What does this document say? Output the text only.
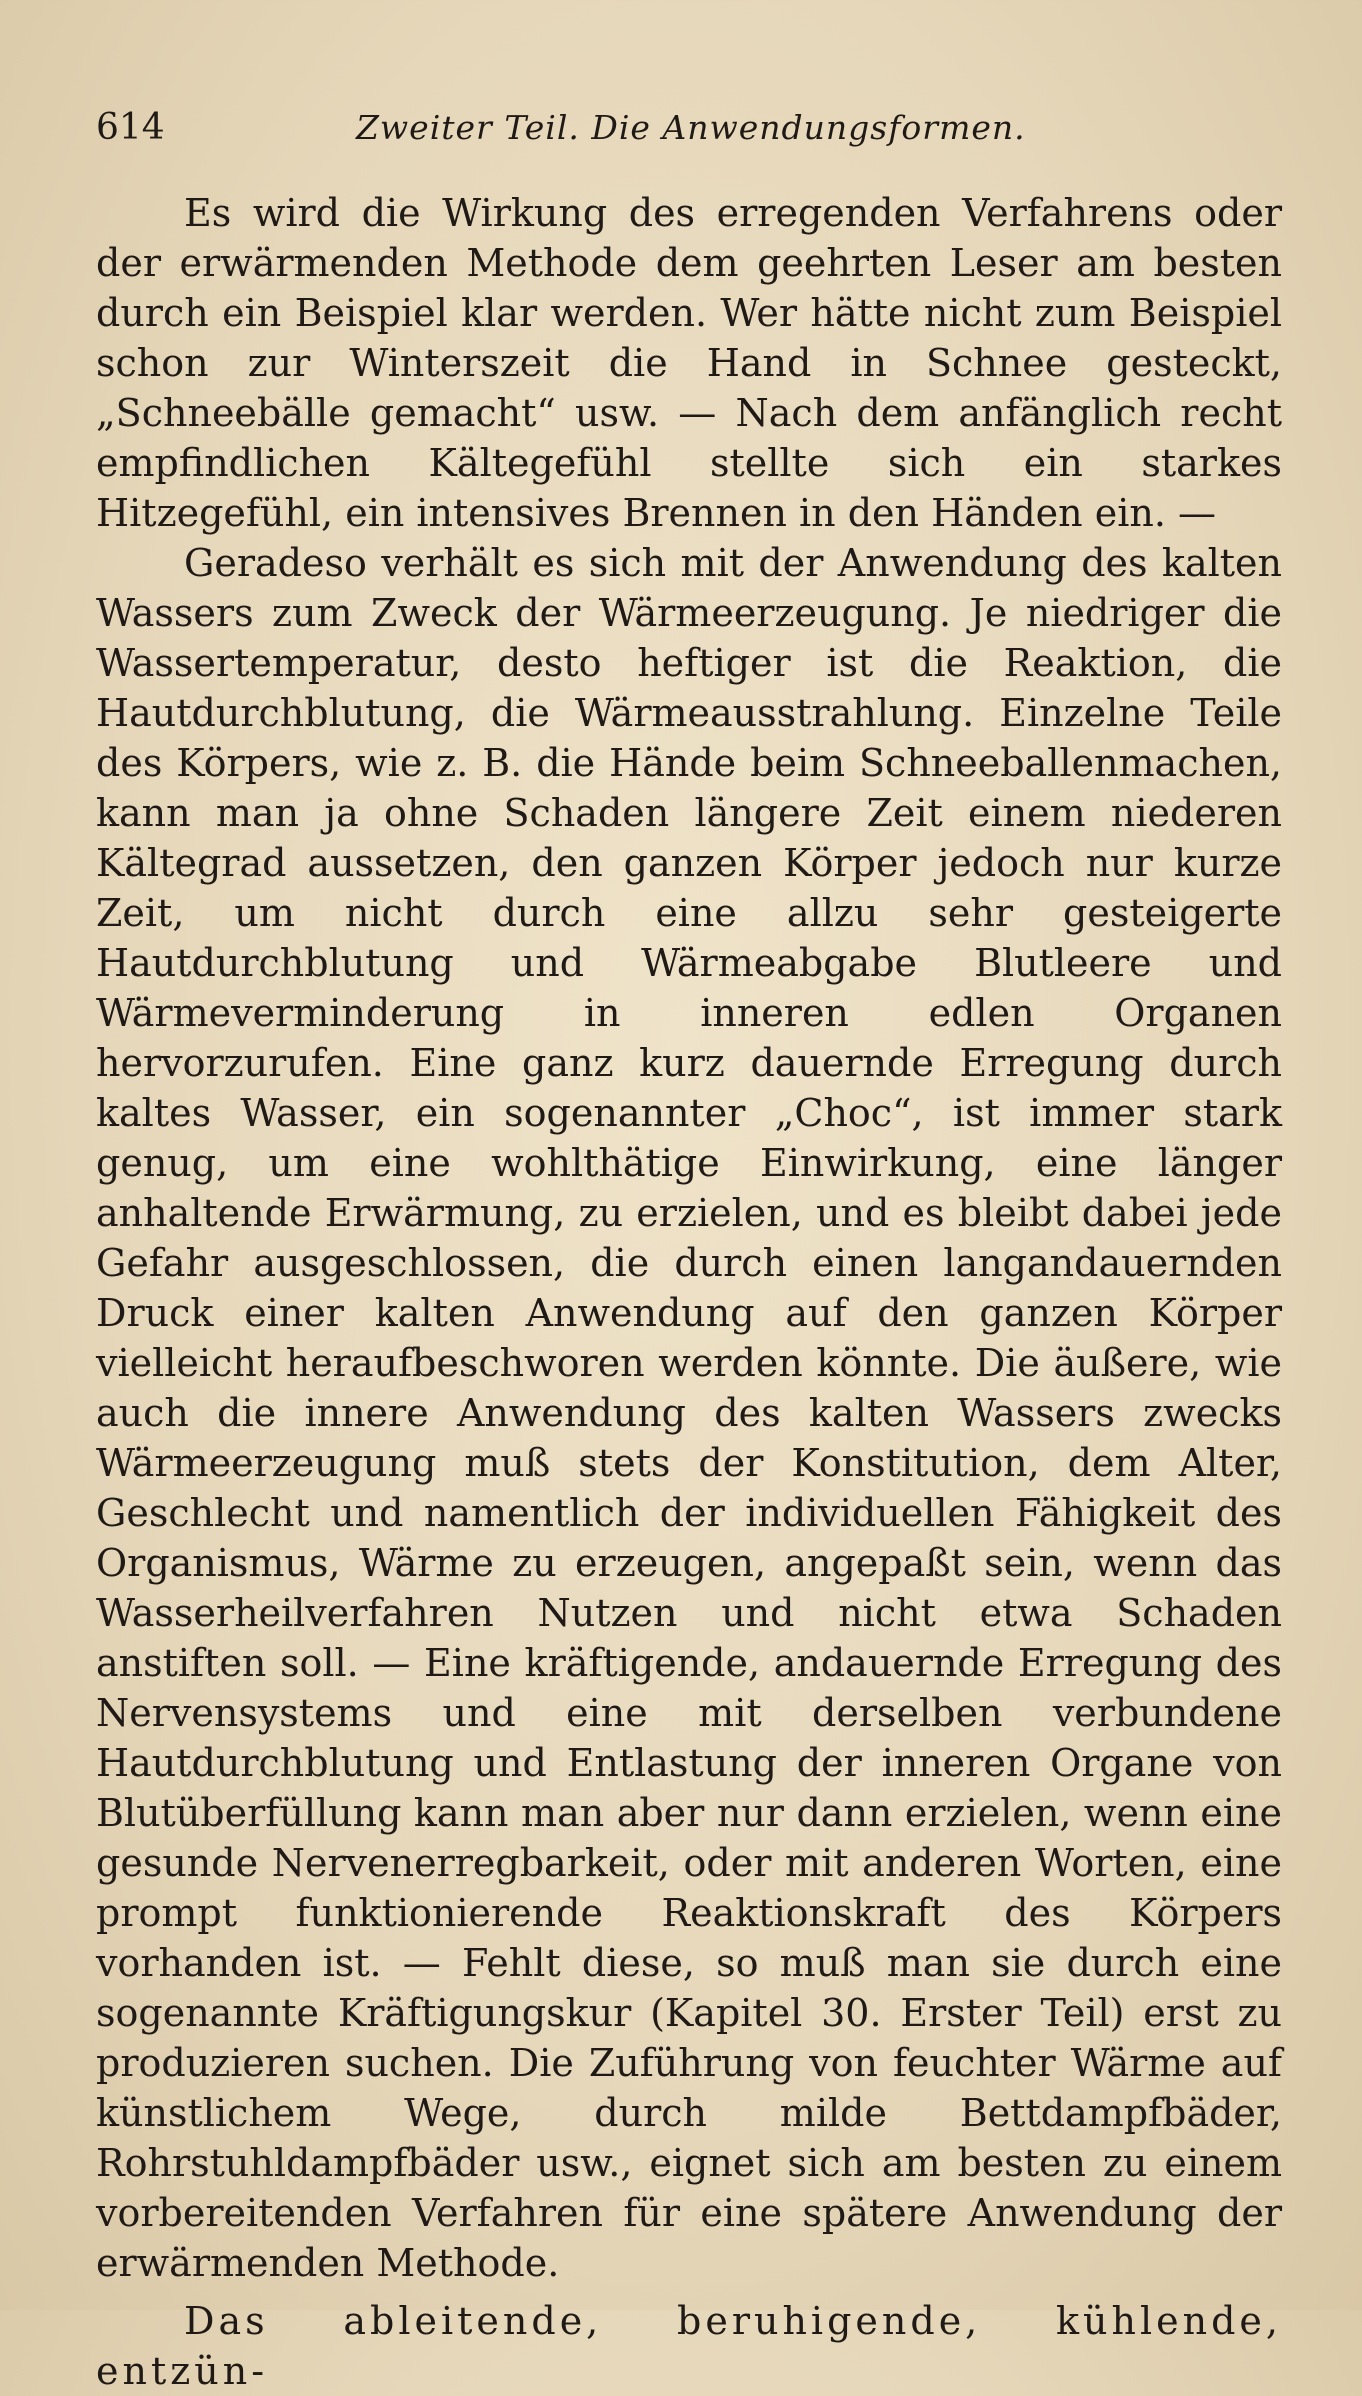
614	Zweiter Teil. Die Anwendungsformen.

Es wird die Wirkung des erregenden Verfahrens oder der erwärmenden Methode dem geehrten Leser am besten durch ein Beispiel klar werden. Wer hätte nicht zum Beispiel schon zur Winterszeit die Hand in Schnee gesteckt, „Schneebälle gemacht“ usw. — Nach dem anfänglich recht empfindlichen Kältegefühl stellte sich ein starkes Hitzegefühl, ein intensives Brennen in den Händen ein. —

Geradeso verhält es sich mit der Anwendung des kalten Wassers zum Zweck der Wärmeerzeugung. Je niedriger die Wassertemperatur, desto heftiger ist die Reaktion, die Hautdurchblutung, die Wärmeausstrahlung. Einzelne Teile des Körpers, wie z. B. die Hände beim Schneeballenmachen, kann man ja ohne Schaden längere Zeit einem niederen Kältegrad aussetzen, den ganzen Körper jedoch nur kurze Zeit, um nicht durch eine allzu sehr gesteigerte Hautdurchblutung und Wärmeabgabe Blutleere und Wärmeverminderung in inneren edlen Organen hervorzurufen. Eine ganz kurz dauernde Erregung durch kaltes Wasser, ein sogenannter „Choc“, ist immer stark genug, um eine wohlthätige Einwirkung, eine länger anhaltende Erwärmung, zu erzielen, und es bleibt dabei jede Gefahr ausgeschlossen, die durch einen langandauernden Druck einer kalten Anwendung auf den ganzen Körper vielleicht heraufbeschworen werden könnte. Die äußere, wie auch die innere Anwendung des kalten Wassers zwecks Wärmeerzeugung muß stets der Konstitution, dem Alter, Geschlecht und namentlich der individuellen Fähigkeit des Organismus, Wärme zu erzeugen, angepaßt sein, wenn das Wasserheilverfahren Nutzen und nicht etwa Schaden anstiften soll. — Eine kräftigende, andauernde Erregung des Nervensystems und eine mit derselben verbundene Hautdurchblutung und Entlastung der inneren Organe von Blutüberfüllung kann man aber nur dann erzielen, wenn eine gesunde Nervenerregbarkeit, oder mit anderen Worten, eine prompt funktionierende Reaktionskraft des Körpers vorhanden ist. — Fehlt diese, so muß man sie durch eine sogenannte Kräftigungskur (Kapitel 30. Erster Teil) erst zu produzieren suchen. Die Zuführung von feuchter Wärme auf künstlichem Wege, durch milde Bettdampfbäder, Rohrstuhldampfbäder usw., eignet sich am besten zu einem vorbereitenden Verfahren für eine spätere Anwendung der erwärmenden Methode.

Das ableitende, beruhigende, kühlende, entzün-
